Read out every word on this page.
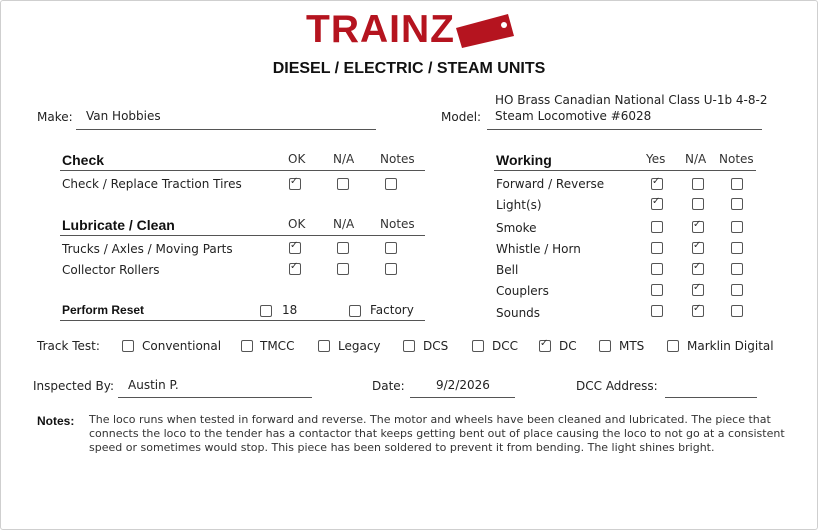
TRAINZ
DIESEL / ELECTRIC / STEAM UNITS
Make: Van Hobbies	Model:
HO Brass Canadian National Class U-1b 4-8-2
Steam Locomotive #6028
Check	OK N/A Notes
Check / Replace Traction Tires
✓
Lubricate / Clean	OK N/A Notes
Trucks / Axles / Moving Parts
✓
Collector Rollers
✓
Perform Reset	18	Factory
Working	Yes N/A Notes
Forward / Reverse
✓
Light(s)
✓
Smoke
✓
Whistle / Horn
✓
Bell
✓
Couplers
✓
Sounds
✓
Track Test:	Conventional	TMCC	Legacy	DCS	DCC
✓	DC	MTS	Marklin Digital
Inspected By: Austin P.	Date:	9/2/2026	DCC Address:
Notes: The loco runs when tested in forward and reverse. The motor and wheels have been cleaned and lubricated. The piece that connects the loco to the tender has a contactor that keeps getting bent out of place causing the loco to not go at a consistent speed or sometimes would stop. This piece has been soldered to prevent it from bending. The light shines bright.
